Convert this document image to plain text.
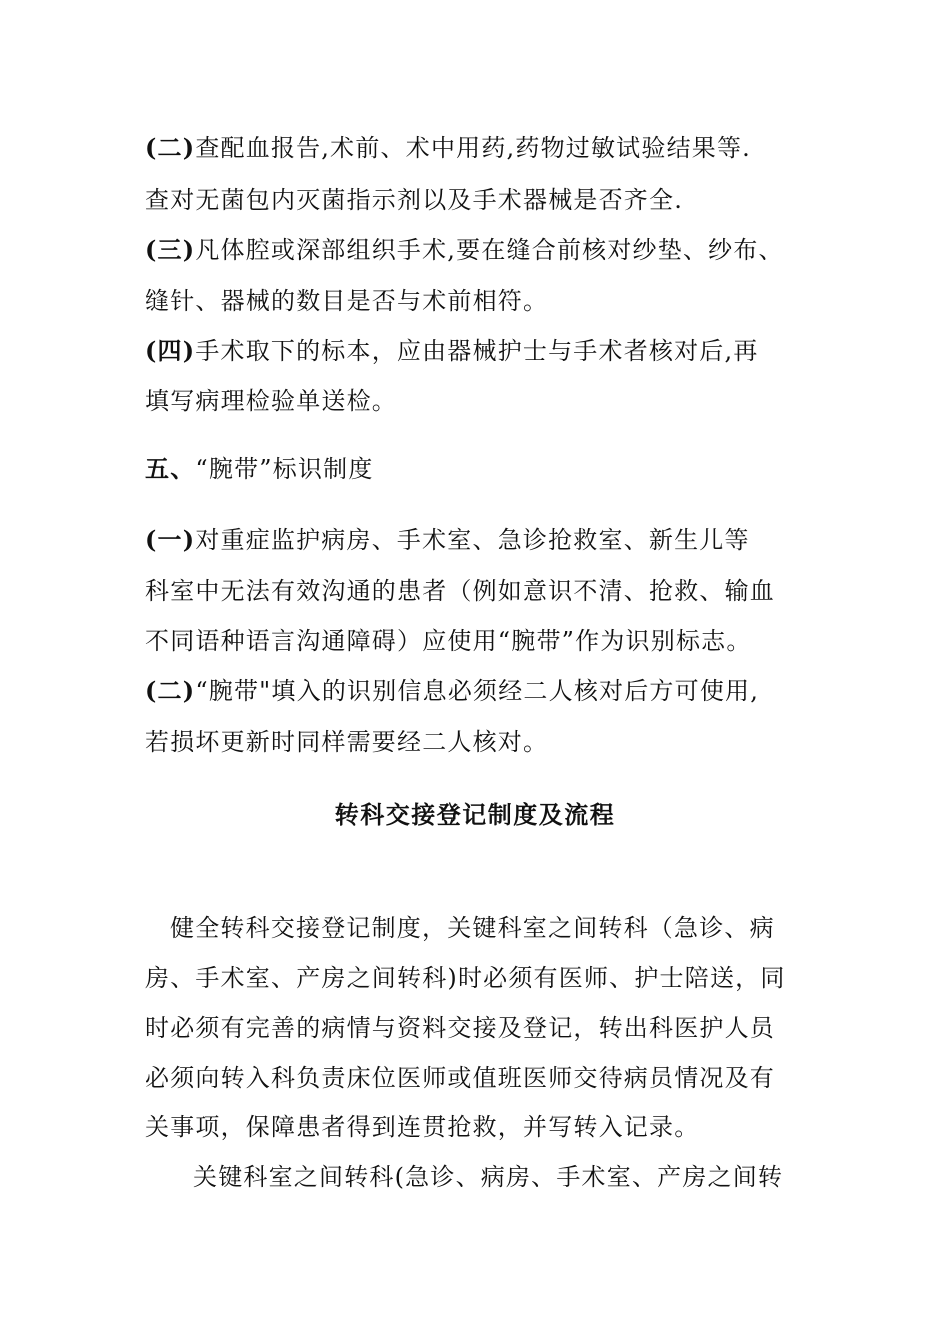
(二)查配血报告,术前、术中用药,药物过敏试验结果等.
查对无菌包内灭菌指示剂以及手术器械是否齐全.
(三)凡体腔或深部组织手术,要在缝合前核对纱垫、纱布、
缝针、器械的数目是否与术前相符。
(四)手术取下的标本，应由器械护士与手术者核对后,再
填写病理检验单送检。
五、“腕带”标识制度
(一)对重症监护病房、手术室、急诊抢救室、新生儿等
科室中无法有效沟通的患者（例如意识不清、抢救、输血
不同语种语言沟通障碍）应使用“腕带”作为识别标志。
(二)“腕带"填入的识别信息必须经二人核对后方可使用,
若损坏更新时同样需要经二人核对。
转科交接登记制度及流程
健全转科交接登记制度，关键科室之间转科（急诊、病
房、手术室、产房之间转科)时必须有医师、护士陪送，同
时必须有完善的病情与资料交接及登记，转出科医护人员
必须向转入科负责床位医师或值班医师交待病员情况及有
关事项，保障患者得到连贯抢救，并写转入记录。
关键科室之间转科(急诊、病房、手术室、产房之间转
